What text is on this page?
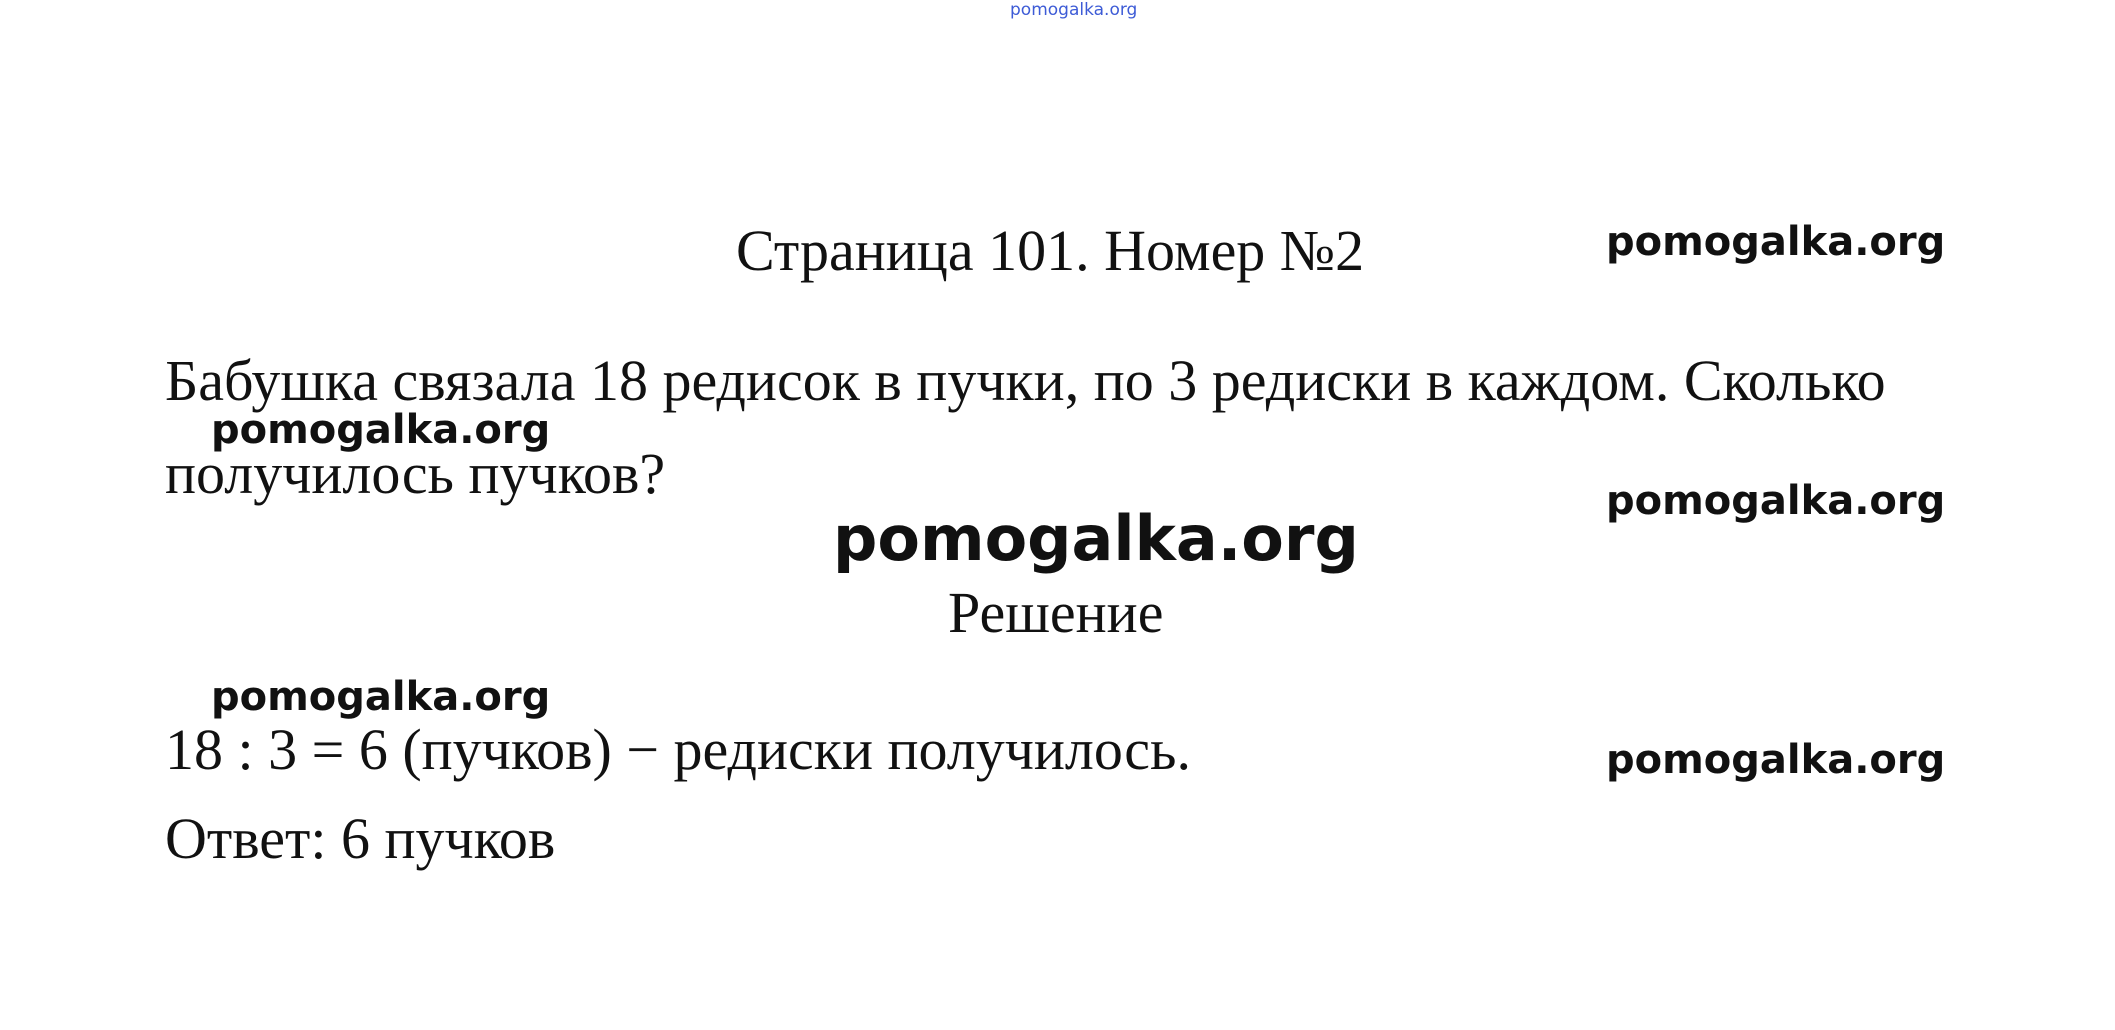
pomogalka.org
Страница 101. Номер №2	pomogalka.org
Бабушка связала 18 редисок в пучки, по 3 редиски в каждом. Сколько
pomogalka.org
получилось пучков?	pomogalka.org
pomogalka.org
Решение
pomogalka.org
18 : 3 = 6 (пучков) − редиски получилось.	pomogalka.org
Ответ: 6 пучков
